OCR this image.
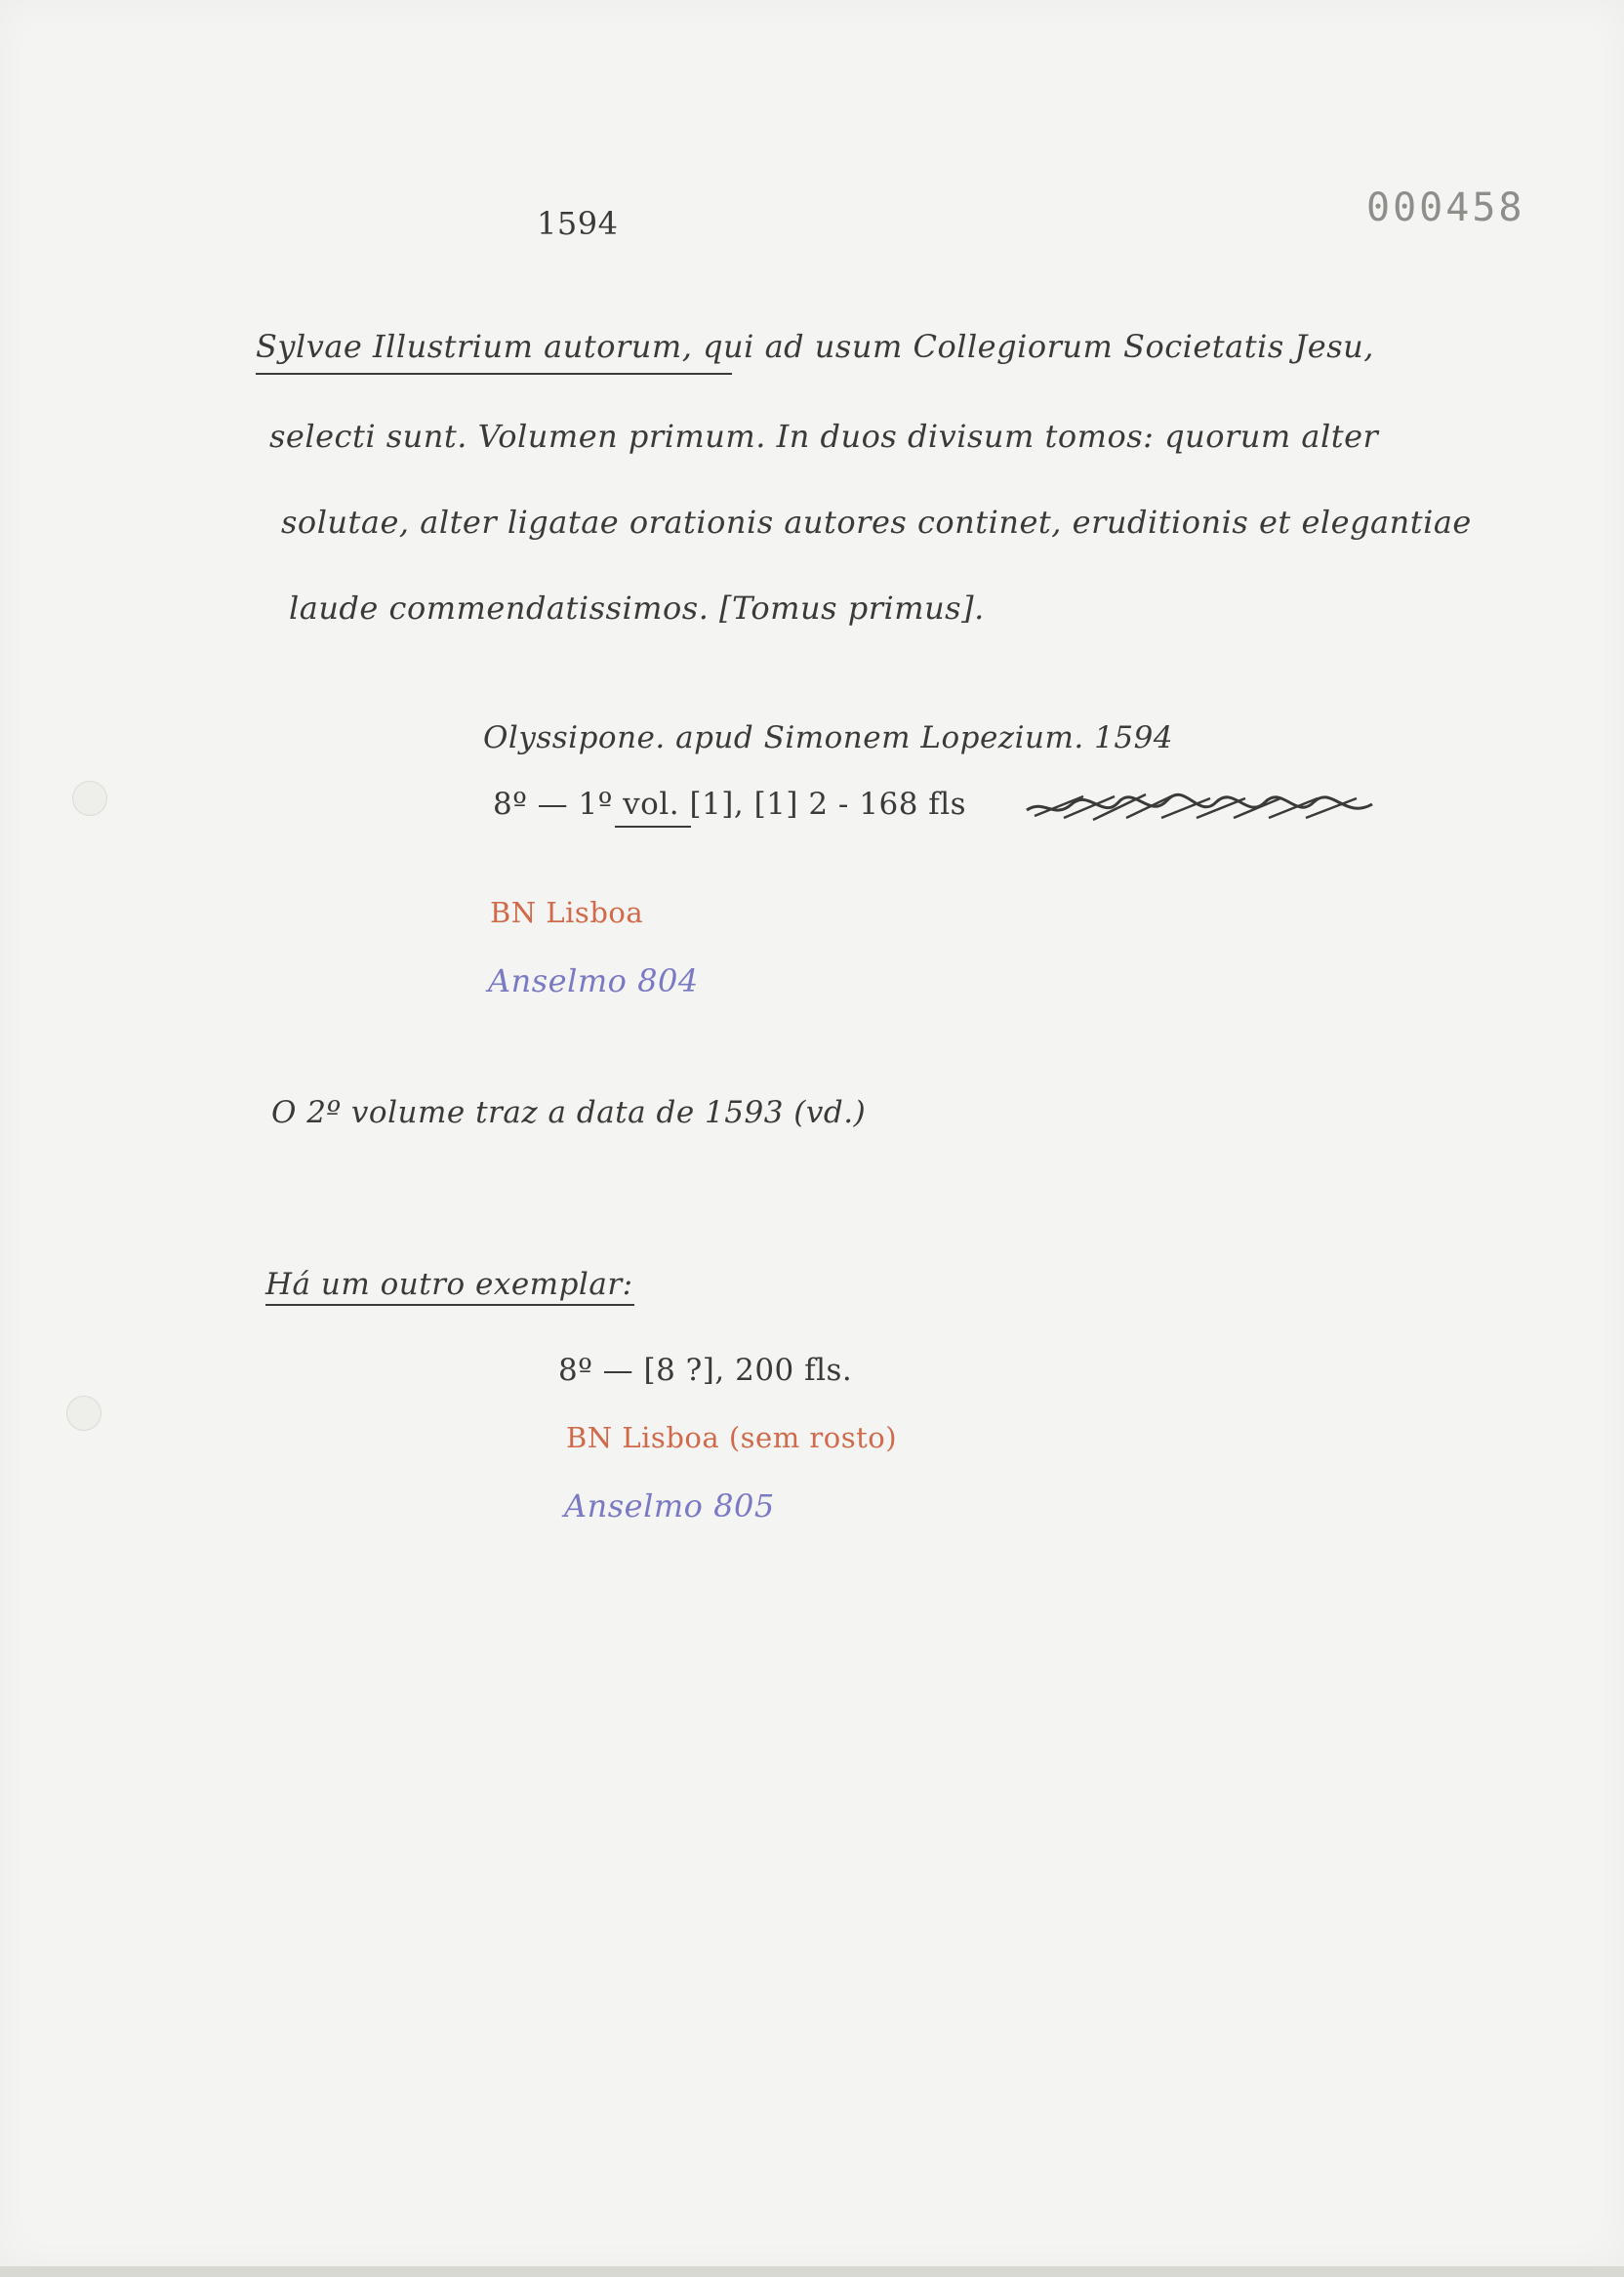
1594	000458
Sylvae Illustrium autorum, qui ad usum Collegiorum Societatis Jesu,
selecti sunt. Volumen primum. In duos divisum tomos: quorum alter
solutae, alter ligatae orationis autores continet, eruditionis et elegantiae
laude commendatissimos. [Tomus primus].
Olyssipone. apud Simonem Lopezium. 1594
8º — 1º vol. [1], [1] 2 - 168 fls
BN Lisboa
Anselmo 804
O 2º volume traz a data de 1593 (vd.)
Há um outro exemplar:
8º — [8 ?], 200 fls.
BN Lisboa (sem rosto)
Anselmo 805
